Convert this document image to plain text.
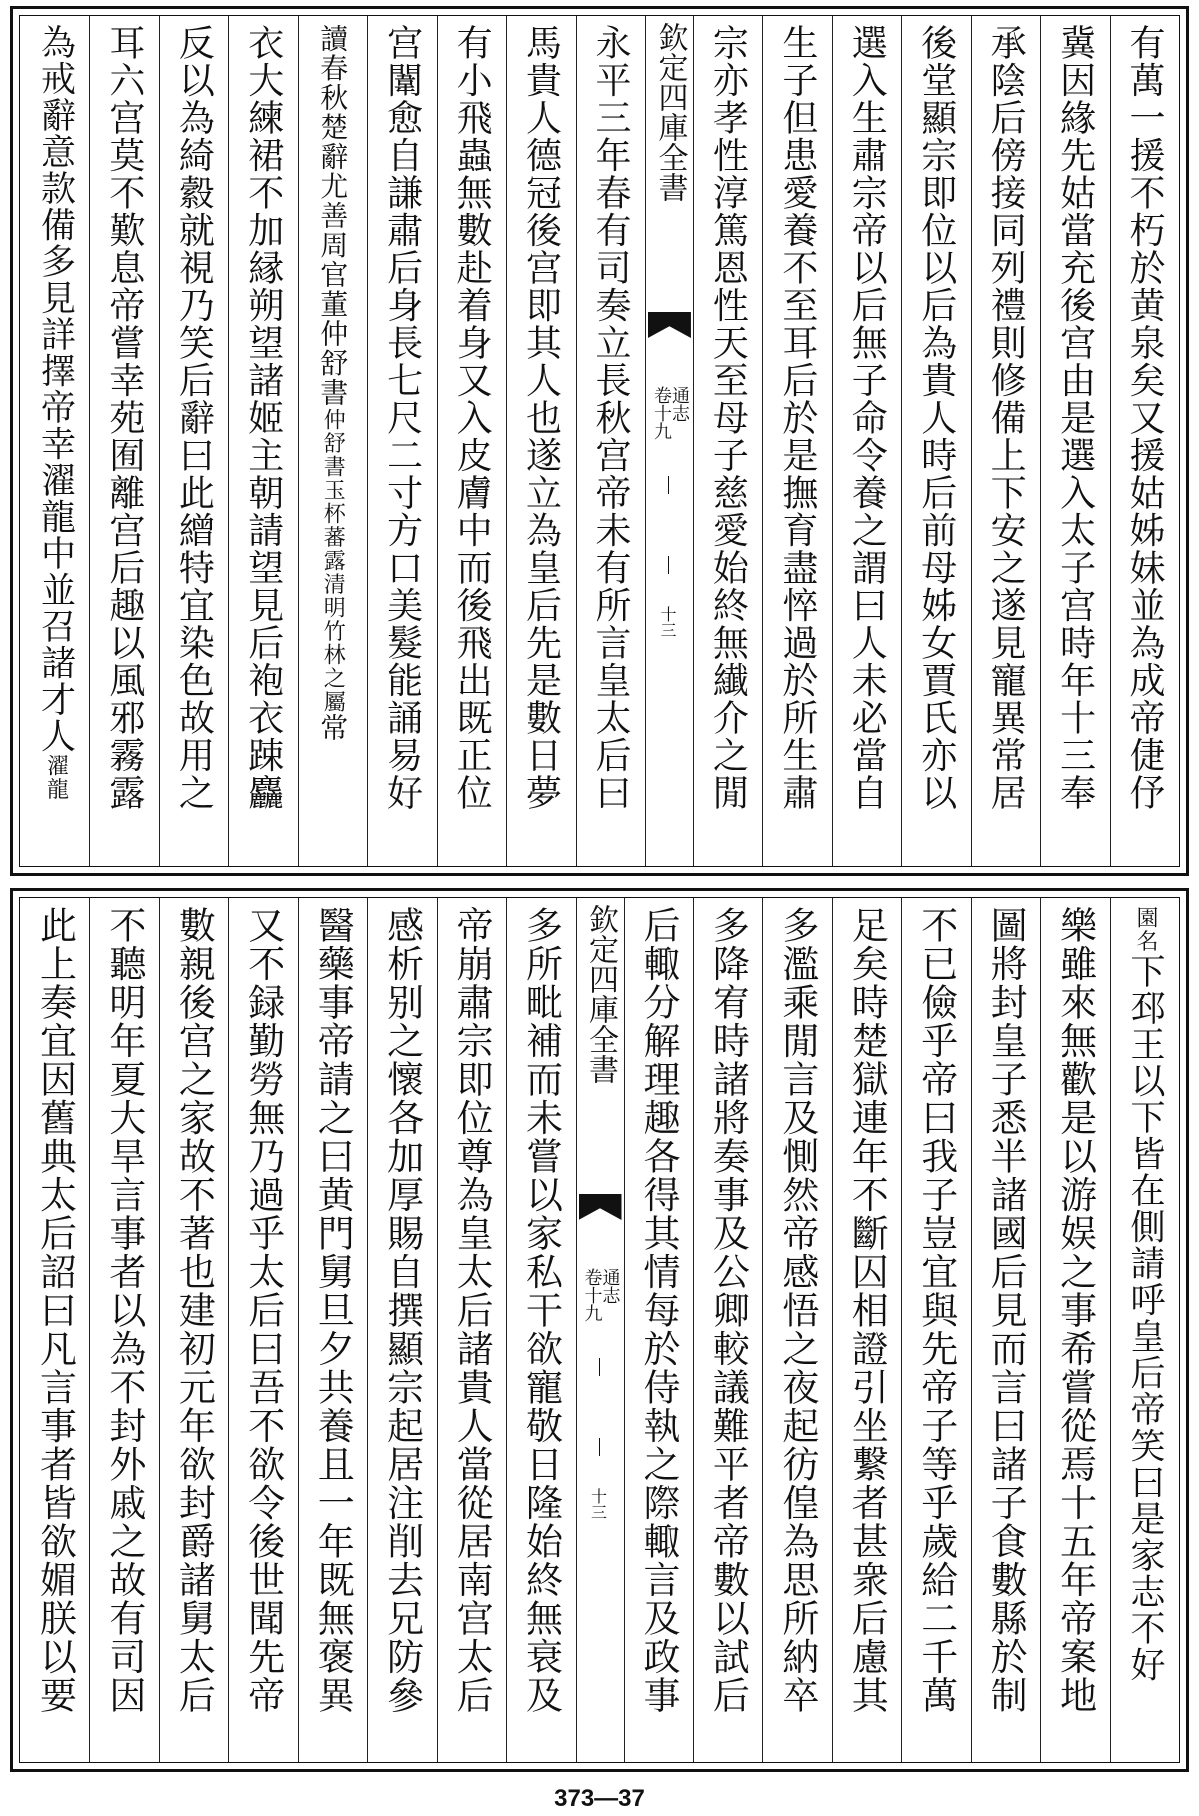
有萬一援不朽於黄泉矣又援姑姊妹並為成帝倢伃
冀因緣先姑當充後宫由是選入太子宫時年十三奉
承陰后傍接同列禮則修備上下安之遂見寵異常居
後堂顯宗即位以后為貴人時后前母姊女賈氏亦以
選入生肅宗帝以后無子命令養之謂曰人未必當自
生子但患愛養不至耳后於是撫育盡悴過於所生肅
宗亦孝性淳篤恩性天至母子慈愛始終無纎介之閒
欽定四庫全書
通志
卷十九
十三
永平三年春有司奏立長秋宫帝未有所言皇太后曰
馬貴人德冠後宫即其人也遂立為皇后先是數日夢
有小飛蟲無數赴着身又入皮膚中而後飛出既正位
宫闈愈自謙肅后身長七尺二寸方口美髮能誦易好
讀春秋楚辭尤善周官董仲舒書仲舒書玉杯蕃露清明竹林之屬常
衣大練裙不加縁朔望諸姬主朝請望見后袍衣踈麤
反以為綺縠就視乃笑后辭曰此繒特宜染色故用之
耳六宫莫不歎息帝嘗幸苑囿離宫后趣以風邪霧露
為戒辭意款備多見詳擇帝幸濯龍中並召諸才人濯龍
園名下邳王以下皆在側請呼皇后帝笑曰是家志不好
樂雖來無歡是以游娱之事希嘗從焉十五年帝案地
圖將封皇子悉半諸國后見而言曰諸子食數縣於制
不已儉乎帝曰我子豈宜與先帝子等乎歲給二千萬
足矣時楚獄連年不斷囚相證引坐繋者甚衆后慮其
多濫乘閒言及惻然帝感悟之夜起彷偟為思所納卒
多降宥時諸將奏事及公卿較議難平者帝數以試后
后輙分解理趣各得其情每於侍執之際輙言及政事
欽定四庫全書
通志
卷十九
十三
多所毗補而未嘗以家私干欲寵敬日隆始終無衰及
帝崩肅宗即位尊為皇太后諸貴人當從居南宫太后
感析别之懷各加厚賜自撰顯宗起居注削去兄防參
醫藥事帝請之曰黄門舅旦夕共養且一年既無褒異
又不録勤勞無乃過乎太后曰吾不欲令後世聞先帝
數親後宫之家故不著也建初元年欲封爵諸舅太后
不聽明年夏大旱言事者以為不封外戚之故有司因
此上奏宜因舊典太后詔曰凡言事者皆欲媚朕以要
373—37
